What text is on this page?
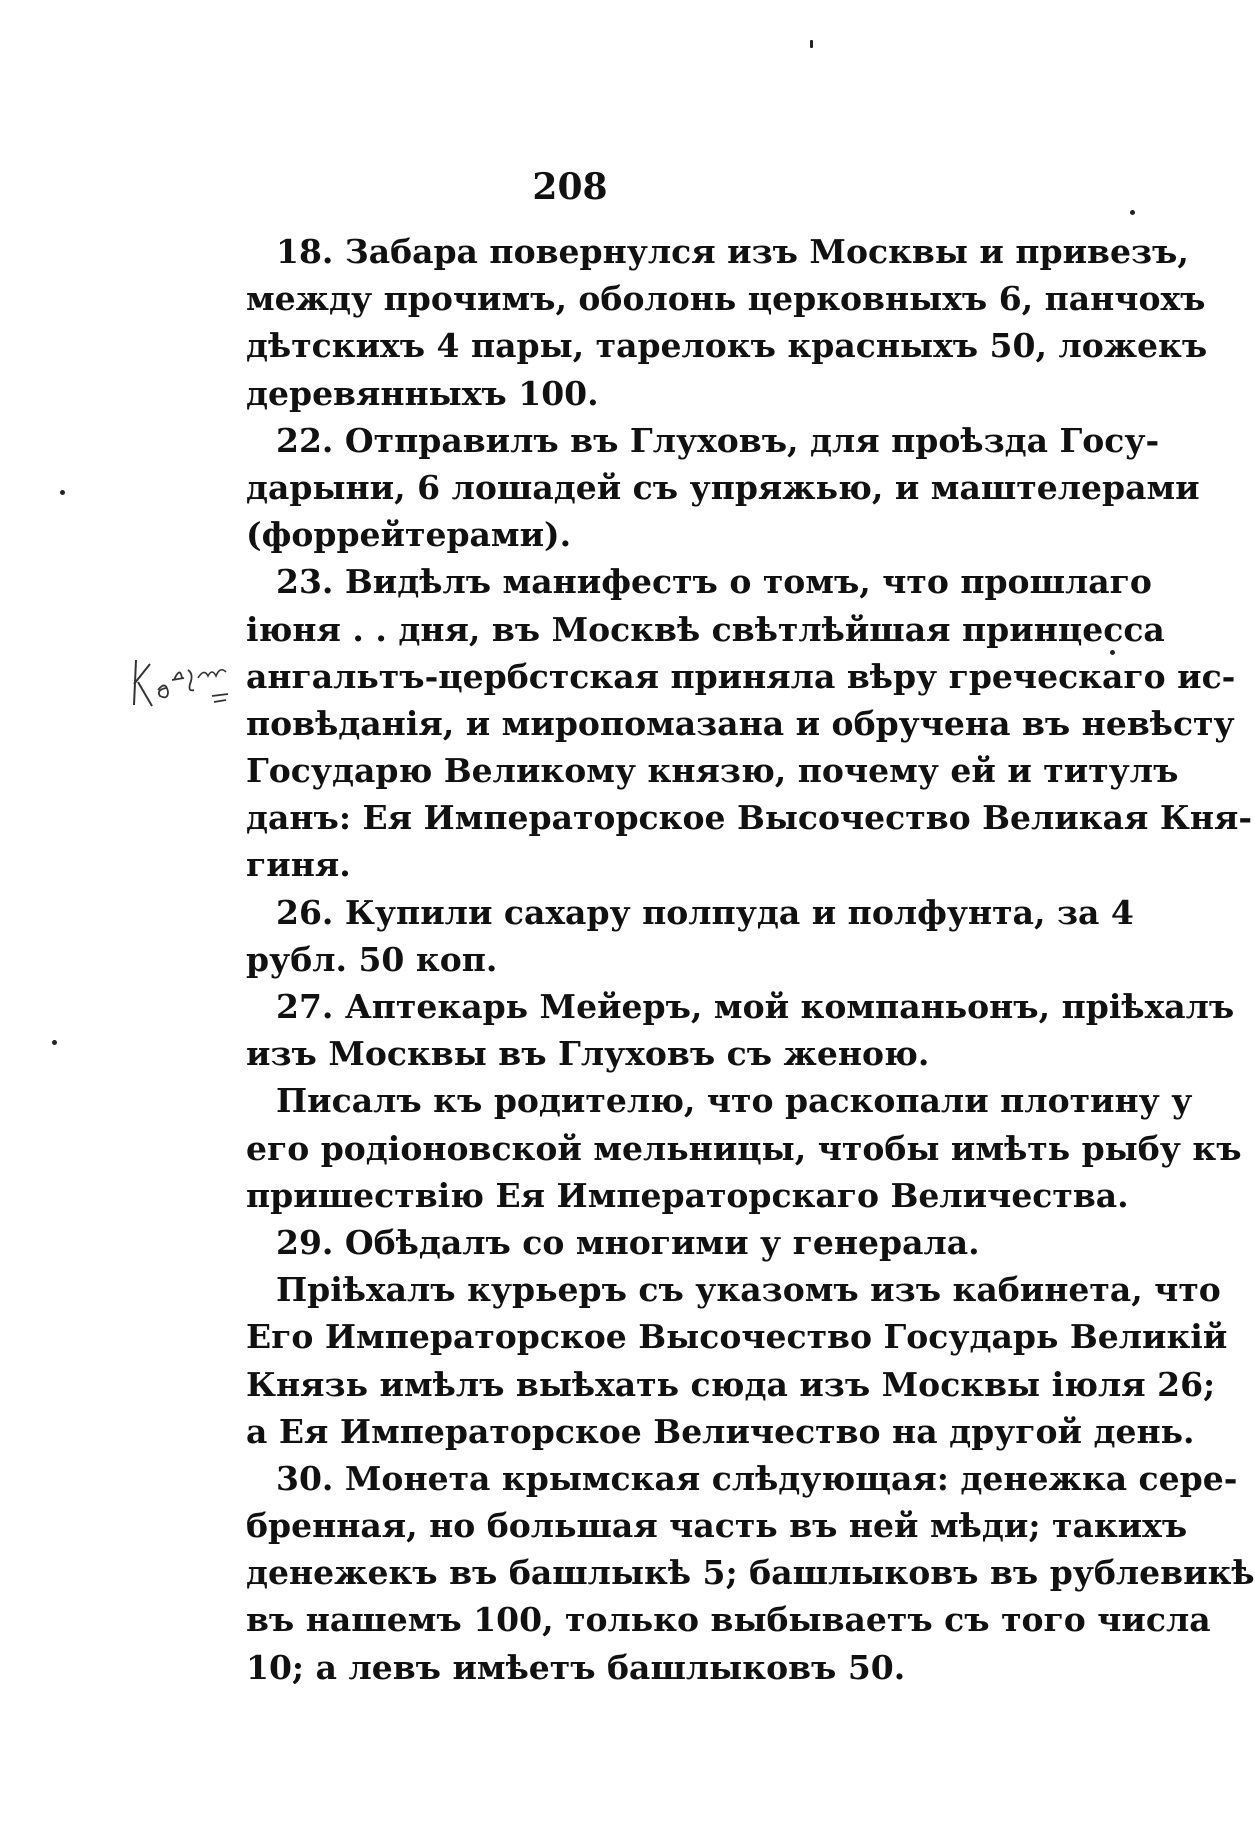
208
18. Забара повернулся изъ Москвы и привезъ,
между прочимъ, оболонь церковныхъ 6, панчохъ
дѣтскихъ 4 пары, тарелокъ красныхъ 50, ложекъ
деревянныхъ 100.
22. Отправилъ въ Глуховъ, для проѣзда Госу-
дарыни, 6 лошадей съ упряжью, и маштелерами
(форрейтерами).
23. Видѣлъ манифестъ о томъ, что прошлаго
іюня . . дня, въ Москвѣ свѣтлѣйшая принцесса
ангальтъ-цербстская приняла вѣру греческаго ис-
повѣданія, и миропомазана и обручена въ невѣсту
Государю Великому князю, почему ей и титулъ
данъ: Ея Императорское Высочество Великая Кня-
гиня.
26. Купили сахару полпуда и полфунта, за 4
рубл. 50 коп.
27. Аптекарь Мейеръ, мой компаньонъ, пріѣхалъ
изъ Москвы въ Глуховъ съ женою.
Писалъ къ родителю, что раскопали плотину у
его родіоновской мельницы, чтобы имѣть рыбу къ
пришествію Ея Императорскаго Величества.
29. Обѣдалъ со многими у генерала.
Пріѣхалъ курьеръ съ указомъ изъ кабинета, что
Его Императорское Высочество Государь Великій
Князь имѣлъ выѣхать сюда изъ Москвы іюля 26;
а Ея Императорское Величество на другой день.
30. Монета крымская слѣдующая: денежка сере-
бренная, но большая часть въ ней мѣди; такихъ
денежекъ въ башлыкѣ 5; башлыковъ въ рублевикѣ
въ нашемъ 100, только выбываетъ съ того числа
10; а левъ имѣетъ башлыковъ 50.
